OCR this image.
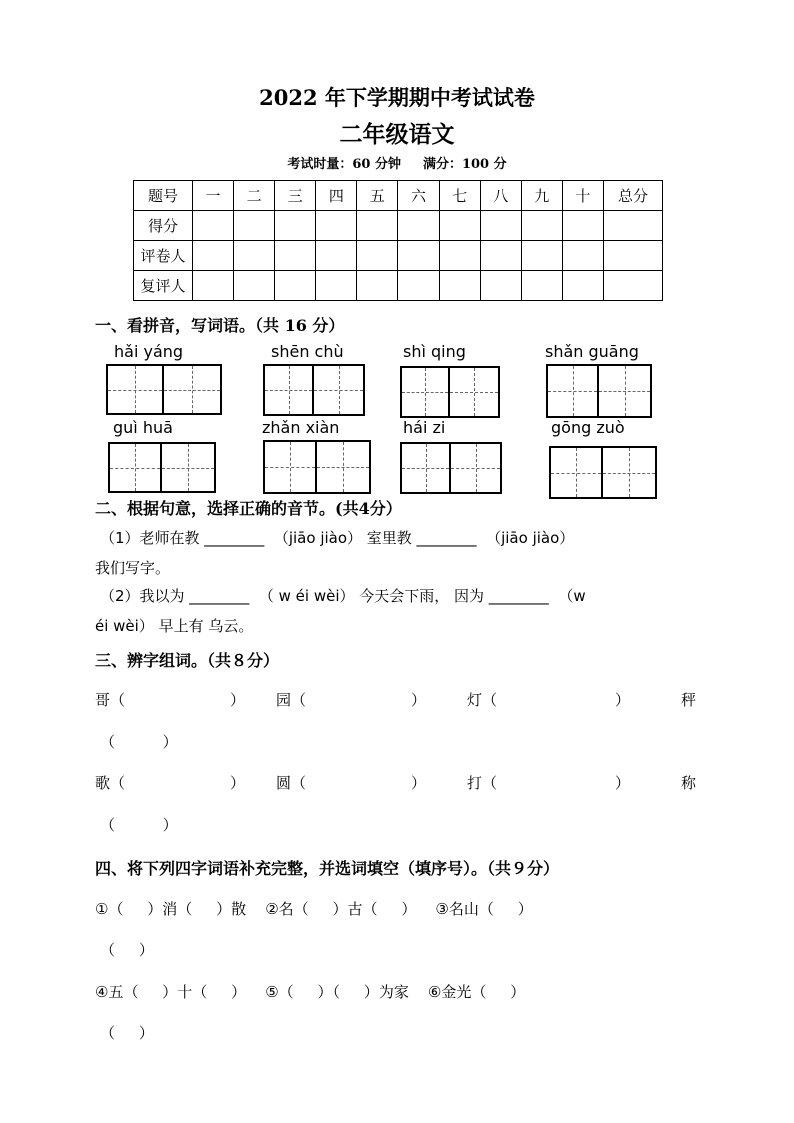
2022 年下学期期中考试试卷
二年级语文
考试时量：60 分钟 满分：100 分
题号	一	二	三	四	五	六	七	八	九	十	总分
得分											
评卷人											
复评人											
一、看拼音，写词语。（共 16 分）
hǎi yáng	shēn chù	shì qing	shǎn guāng
guì huā	zhǎn xiàn	hái zi	gōng zuò
二、根据句意，选择正确的音节。(共4分）
（1）老师在教 ________  （jiāo jiào） 室里教 ________  （jiāo jiào）
我们写字。
（2）我以为 ________  （ w éi wèi） 今天会下雨， 因为 ________  （w
éi wèi） 早上有 乌云。
三、辨字组词。（共８分）
哥（	） 园（	）	灯（	）	秤
（          ）
歌（	） 圆（	）	打（	）	称
（          ）
四、将下列四字词语补充完整，并选词填空（填序号）。（共９分）
①（     ）消（     ）散    ②名（     ）古（     ）    ③名山（     ）
（     ）
④五（     ）十（     ）    ⑤（     ）（     ）为家    ⑥金光（     ）
（     ）
